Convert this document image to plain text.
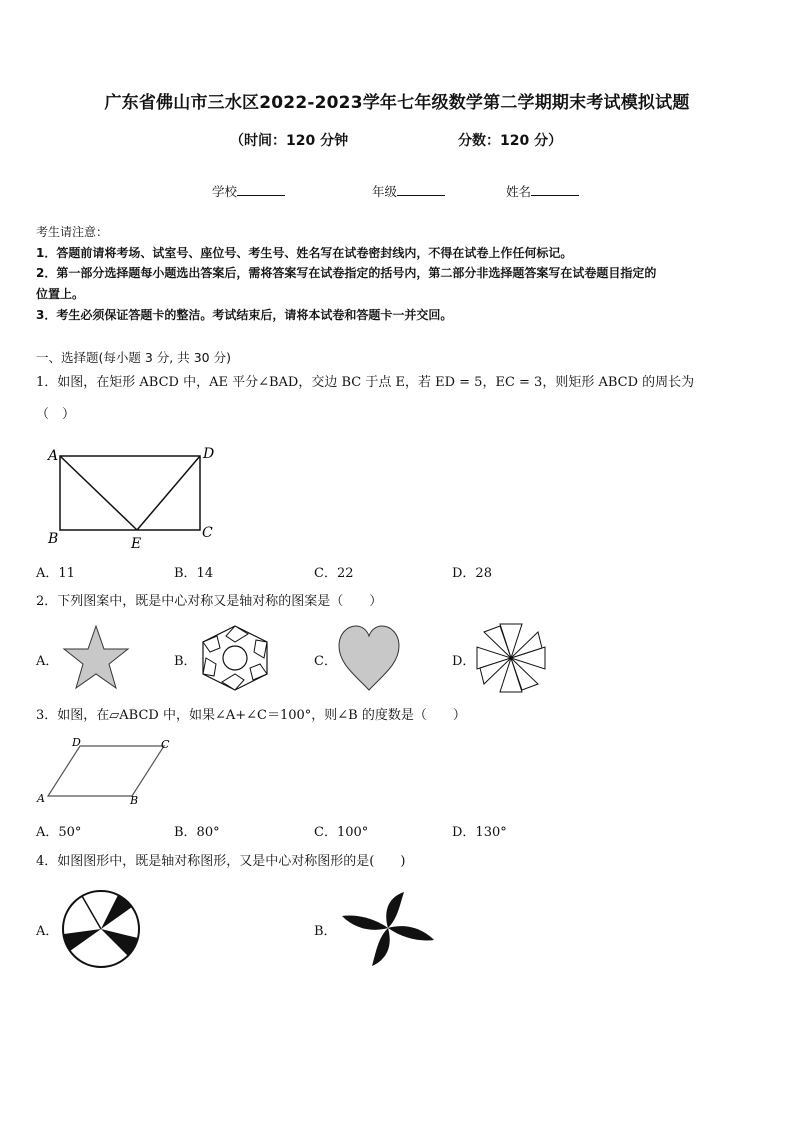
广东省佛山市三水区2022-2023学年七年级数学第二学期期末考试模拟试题
（时间：120 分钟	分数：120 分）
学校	年级	姓名
考生请注意：
1．答题前请将考场、试室号、座位号、考生号、姓名写在试卷密封线内，不得在试卷上作任何标记。
2．第一部分选择题每小题选出答案后，需将答案写在试卷指定的括号内，第二部分非选择题答案写在试卷题目指定的
位置上。
3．考生必须保证答题卡的整洁。考试结束后，请将本试卷和答题卡一并交回。
一、选择题(每小题 3 分, 共 30 分)
1．如图，在矩形 ABCD 中，AE 平分∠BAD，交边 BC 于点 E，若 ED = 5，EC = 3，则矩形 ABCD 的周长为
（　）
A	D
B	E
C
A．11	B．14	C．22	D．28
2．下列图案中，既是中心对称又是轴对称的图案是（　　）
A．	B．	C．	D．
3．如图，在▱ABCD 中，如果∠A+∠C＝100°，则∠B 的度数是（　　）
D	C
A	B
A．50°	B．80°	C．100°	D．130°
4．如图图形中，既是轴对称图形，又是中心对称图形的是(　　)
A．	B．
